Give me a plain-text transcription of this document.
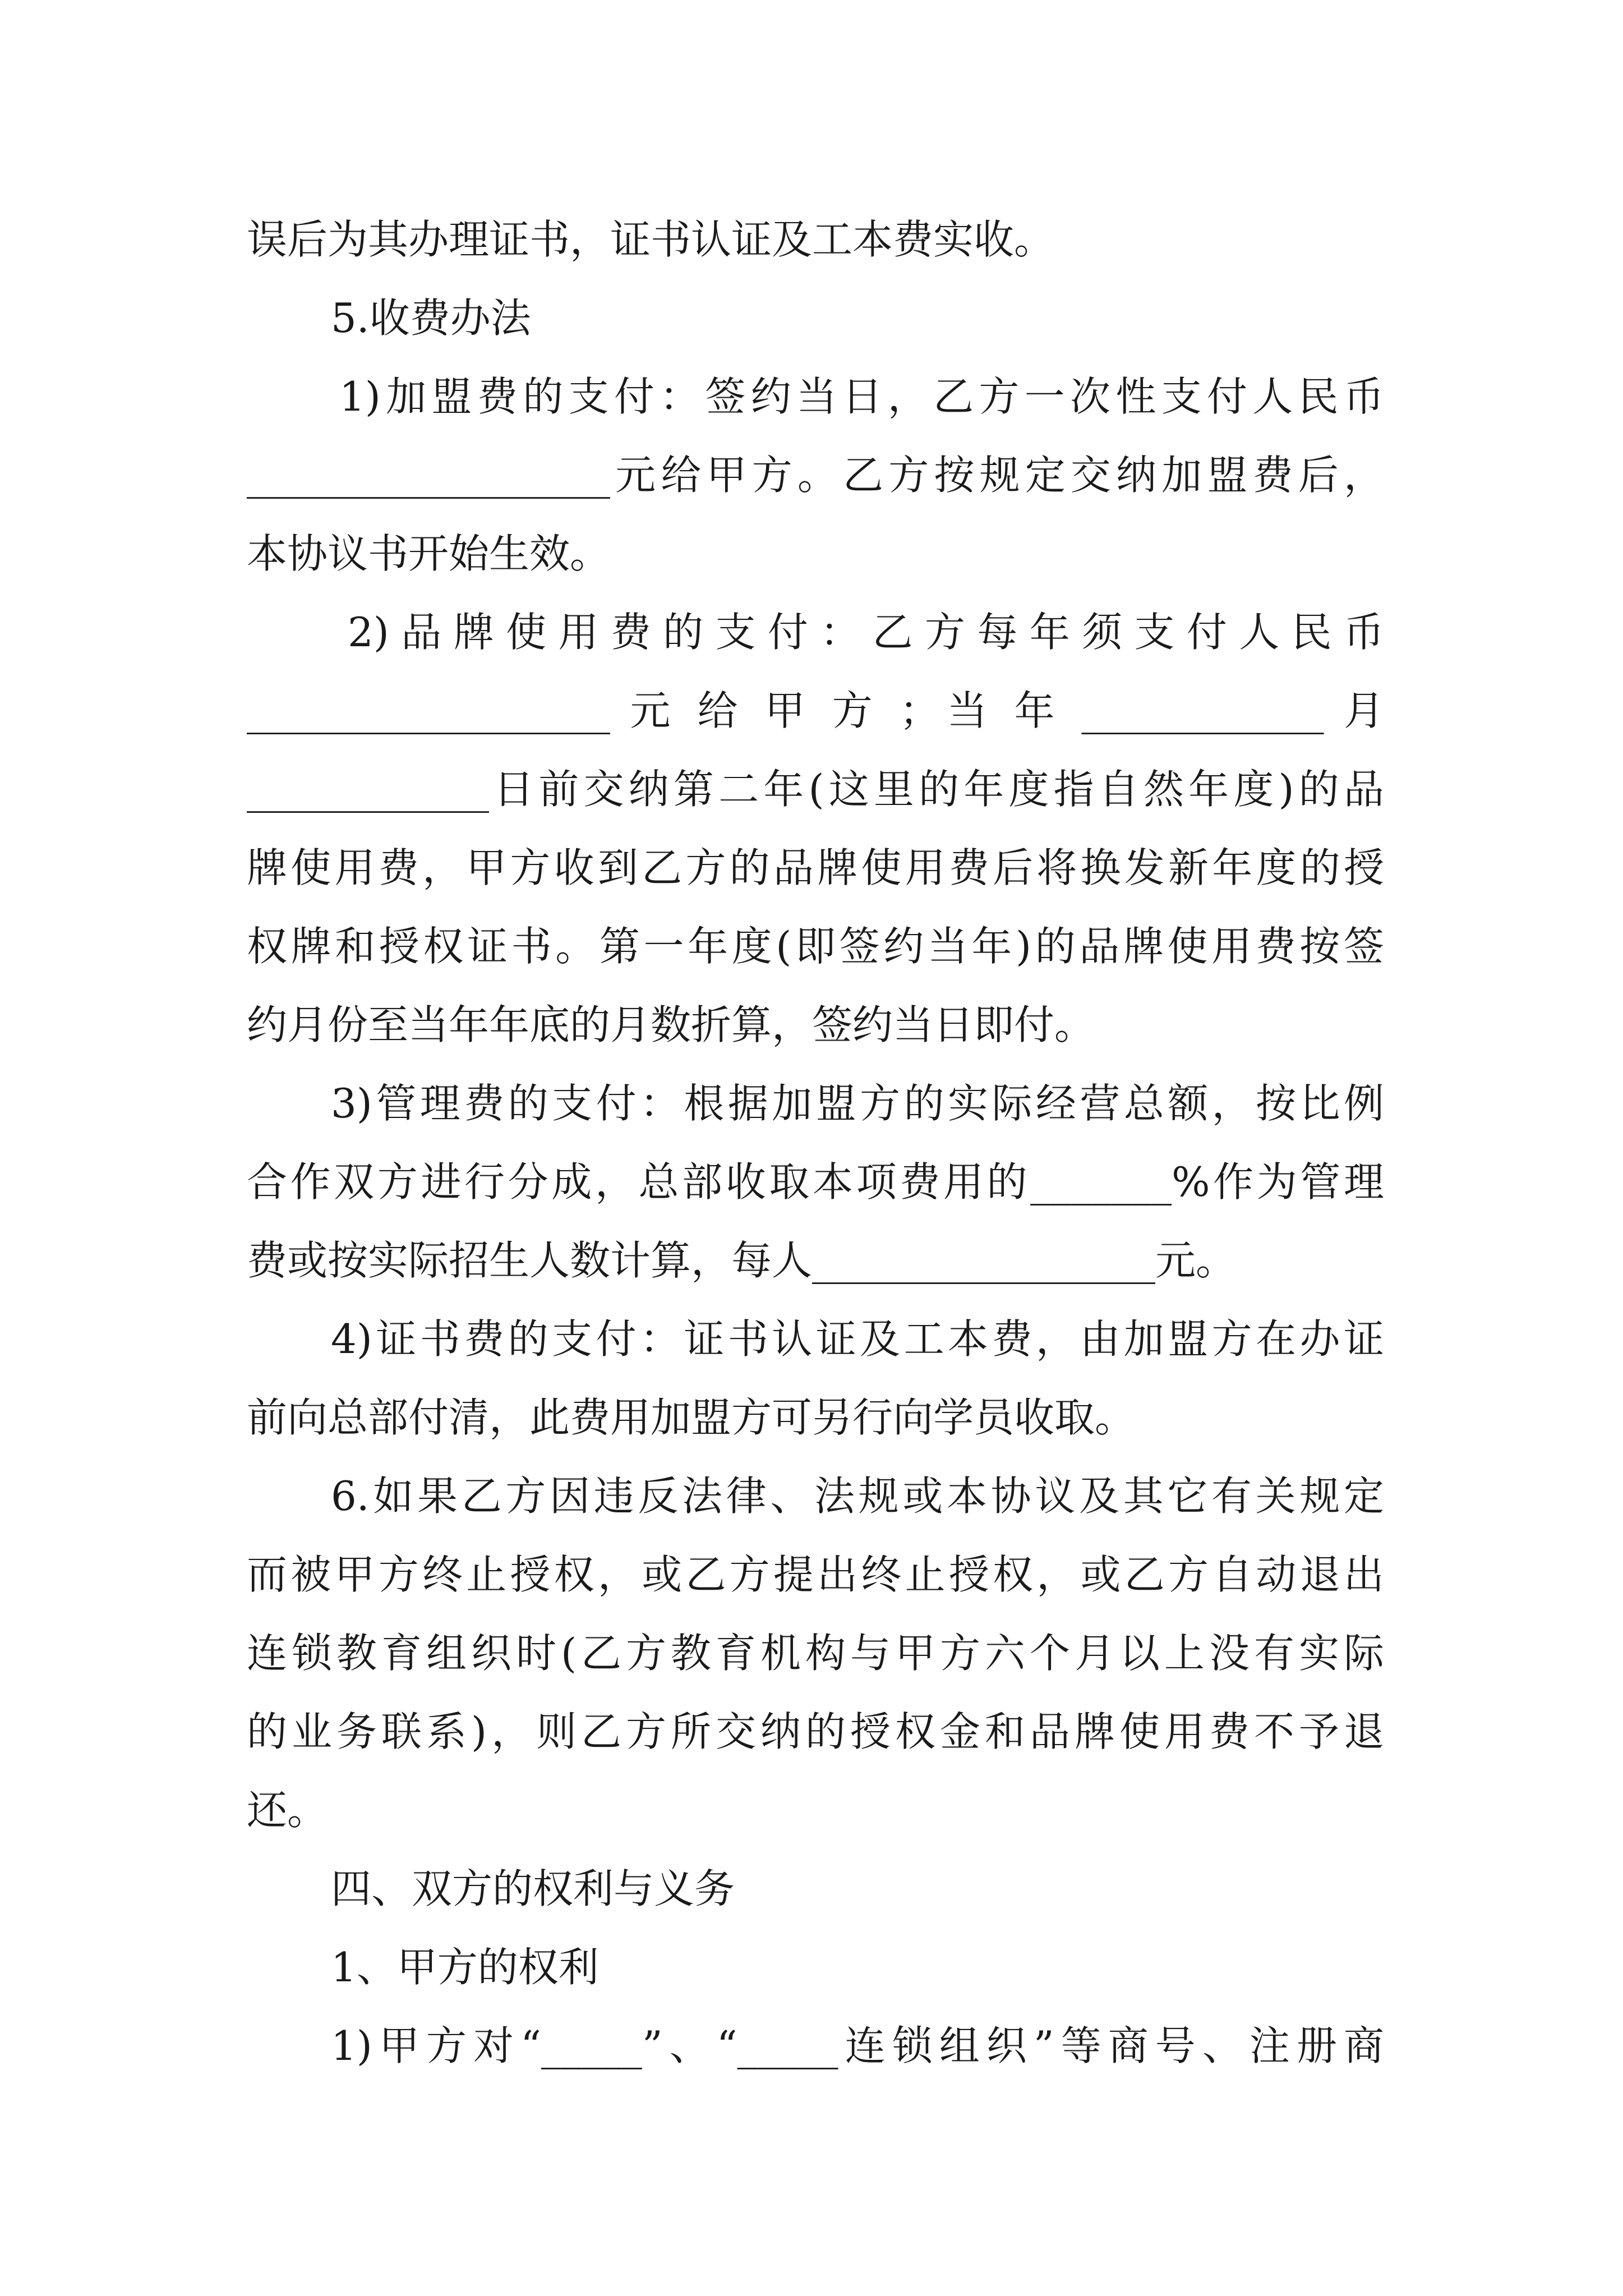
误后为其办理证书，证书认证及工本费实收。
5.收费办法
1)加盟费的支付：签约当日，乙方一次性支付人民币
__________________元给甲方。乙方按规定交纳加盟费后，
本协议书开始生效。
2)品牌使用费的支付：乙方每年须支付人民币
__________________ 元 给 甲 方 ；当 年 ____________ 月
____________日前交纳第二年(这里的年度指自然年度)的品
牌使用费，甲方收到乙方的品牌使用费后将换发新年度的授
权牌和授权证书。第一年度(即签约当年)的品牌使用费按签
约月份至当年年底的月数折算，签约当日即付。
3)管理费的支付：根据加盟方的实际经营总额，按比例
合作双方进行分成，总部收取本项费用的_______%作为管理
费或按实际招生人数计算，每人_________________元。
4)证书费的支付：证书认证及工本费，由加盟方在办证
前向总部付清，此费用加盟方可另行向学员收取。
6.如果乙方因违反法律、法规或本协议及其它有关规定
而被甲方终止授权，或乙方提出终止授权，或乙方自动退出
连锁教育组织时(乙方教育机构与甲方六个月以上没有实际
的业务联系)，则乙方所交纳的授权金和品牌使用费不予退
还。
四、双方的权利与义务
1、甲方的权利
1)甲方对“_____”、“_____连锁组织”等商号、注册商
